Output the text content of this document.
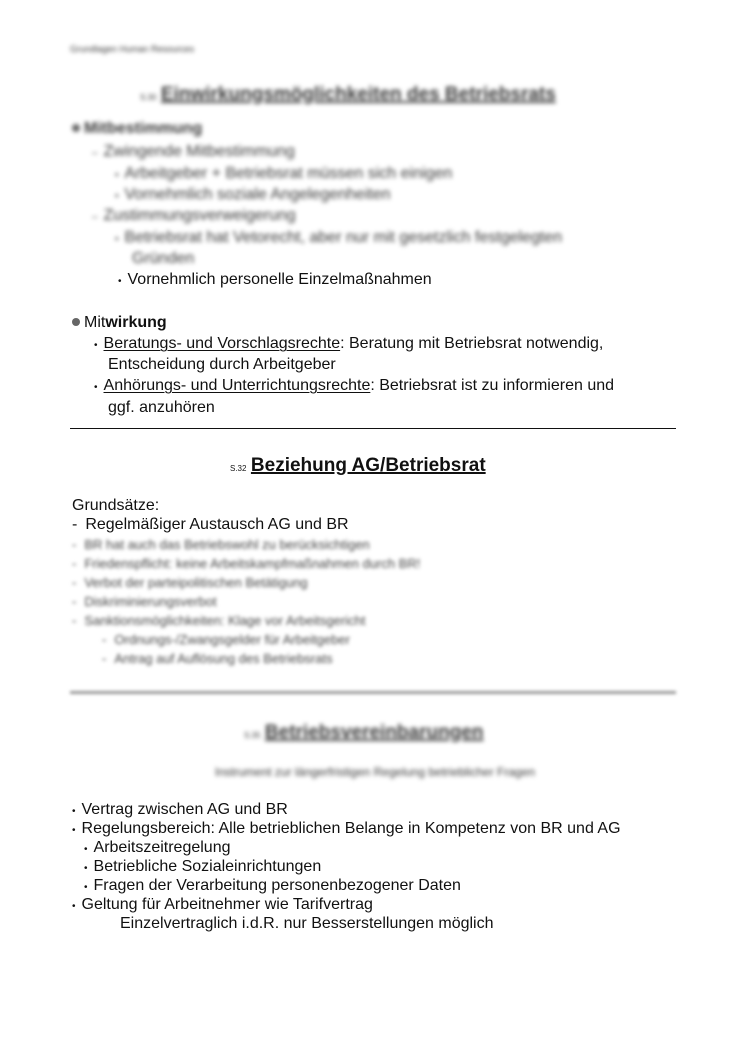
Grundlagen Human Resources
S.30 Einwirkungsmöglichkeiten des Betriebsrats
Mitbestimmung
– Zwingende Mitbestimmung
• Arbeitgeber + Betriebsrat müssen sich einigen
• Vornehmlich soziale Angelegenheiten
– Zustimmungsverweigerung
• Betriebsrat hat Vetorecht, aber nur mit gesetzlich festgelegten
Gründen
• Vornehmlich personelle Einzelmaßnahmen
Mitwirkung
• Beratungs- und Vorschlagsrechte: Beratung mit Betriebsrat notwendig,
Entscheidung durch Arbeitgeber
• Anhörungs- und Unterrichtungsrechte: Betriebsrat ist zu informieren und
ggf. anzuhören
S.32 Beziehung AG/Betriebsrat
Grundsätze:
- Regelmäßiger Austausch AG und BR
- BR hat auch das Betriebswohl zu berücksichtigen
- Friedenspflicht: keine Arbeitskampfmaßnahmen durch BR!
- Verbot der parteipolitischen Betätigung
- Diskriminierungsverbot
- Sanktionsmöglichkeiten: Klage vor Arbeitsgericht
- Ordnungs-/Zwangsgelder für Arbeitgeber
- Antrag auf Auflösung des Betriebsrats
S.35 Betriebsvereinbarungen
Instrument zur längerfristigen Regelung betrieblicher Fragen
• Vertrag zwischen AG und BR
• Regelungsbereich: Alle betrieblichen Belange in Kompetenz von BR und AG
• Arbeitszeitregelung
• Betriebliche Sozialeinrichtungen
• Fragen der Verarbeitung personenbezogener Daten
• Geltung für Arbeitnehmer wie Tarifvertrag
Einzelvertraglich i.d.R. nur Besserstellungen möglich
